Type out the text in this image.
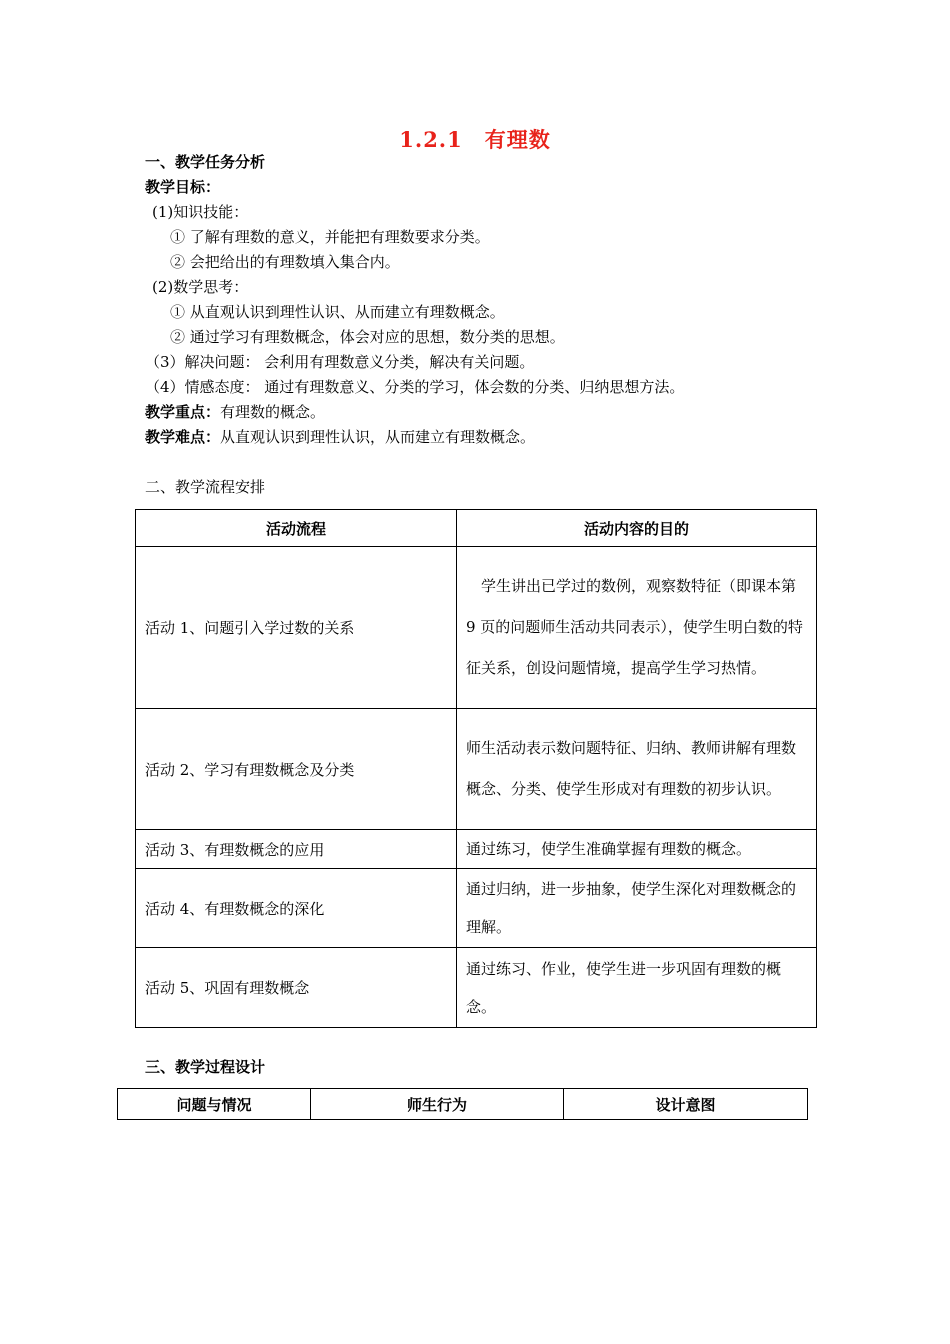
1.2.1　有理数
一、教学任务分析
教学目标：
(1)知识技能：
① 了解有理数的意义，并能把有理数要求分类。
② 会把给出的有理数填入集合内。
(2)数学思考：
① 从直观认识到理性认识、从而建立有理数概念。
② 通过学习有理数概念，体会对应的思想，数分类的思想。
（3）解决问题： 会利用有理数意义分类，解决有关问题。
（4）情感态度： 通过有理数意义、分类的学习，体会数的分类、归纳思想方法。
教学重点：有理数的概念。
教学难点：从直观认识到理性认识，从而建立有理数概念。
二、教学流程安排
活动流程	活动内容的目的
活动 1、问题引入学过数的关系	　学生讲出已学过的数例，观察数特征（即课本第 9 页的问题师生活动共同表示），使学生明白数的特征关系，创设问题情境，提高学生学习热情。
活动 2、学习有理数概念及分类	师生活动表示数问题特征、归纳、教师讲解有理数概念、分类、使学生形成对有理数的初步认识。
活动 3、有理数概念的应用	通过练习，使学生准确掌握有理数的概念。
活动 4、有理数概念的深化	通过归纳，进一步抽象，使学生深化对理数概念的理解。
活动 5、巩固有理数概念	通过练习、作业，使学生进一步巩固有理数的概念。
三、教学过程设计
问题与情况	师生行为	设计意图
